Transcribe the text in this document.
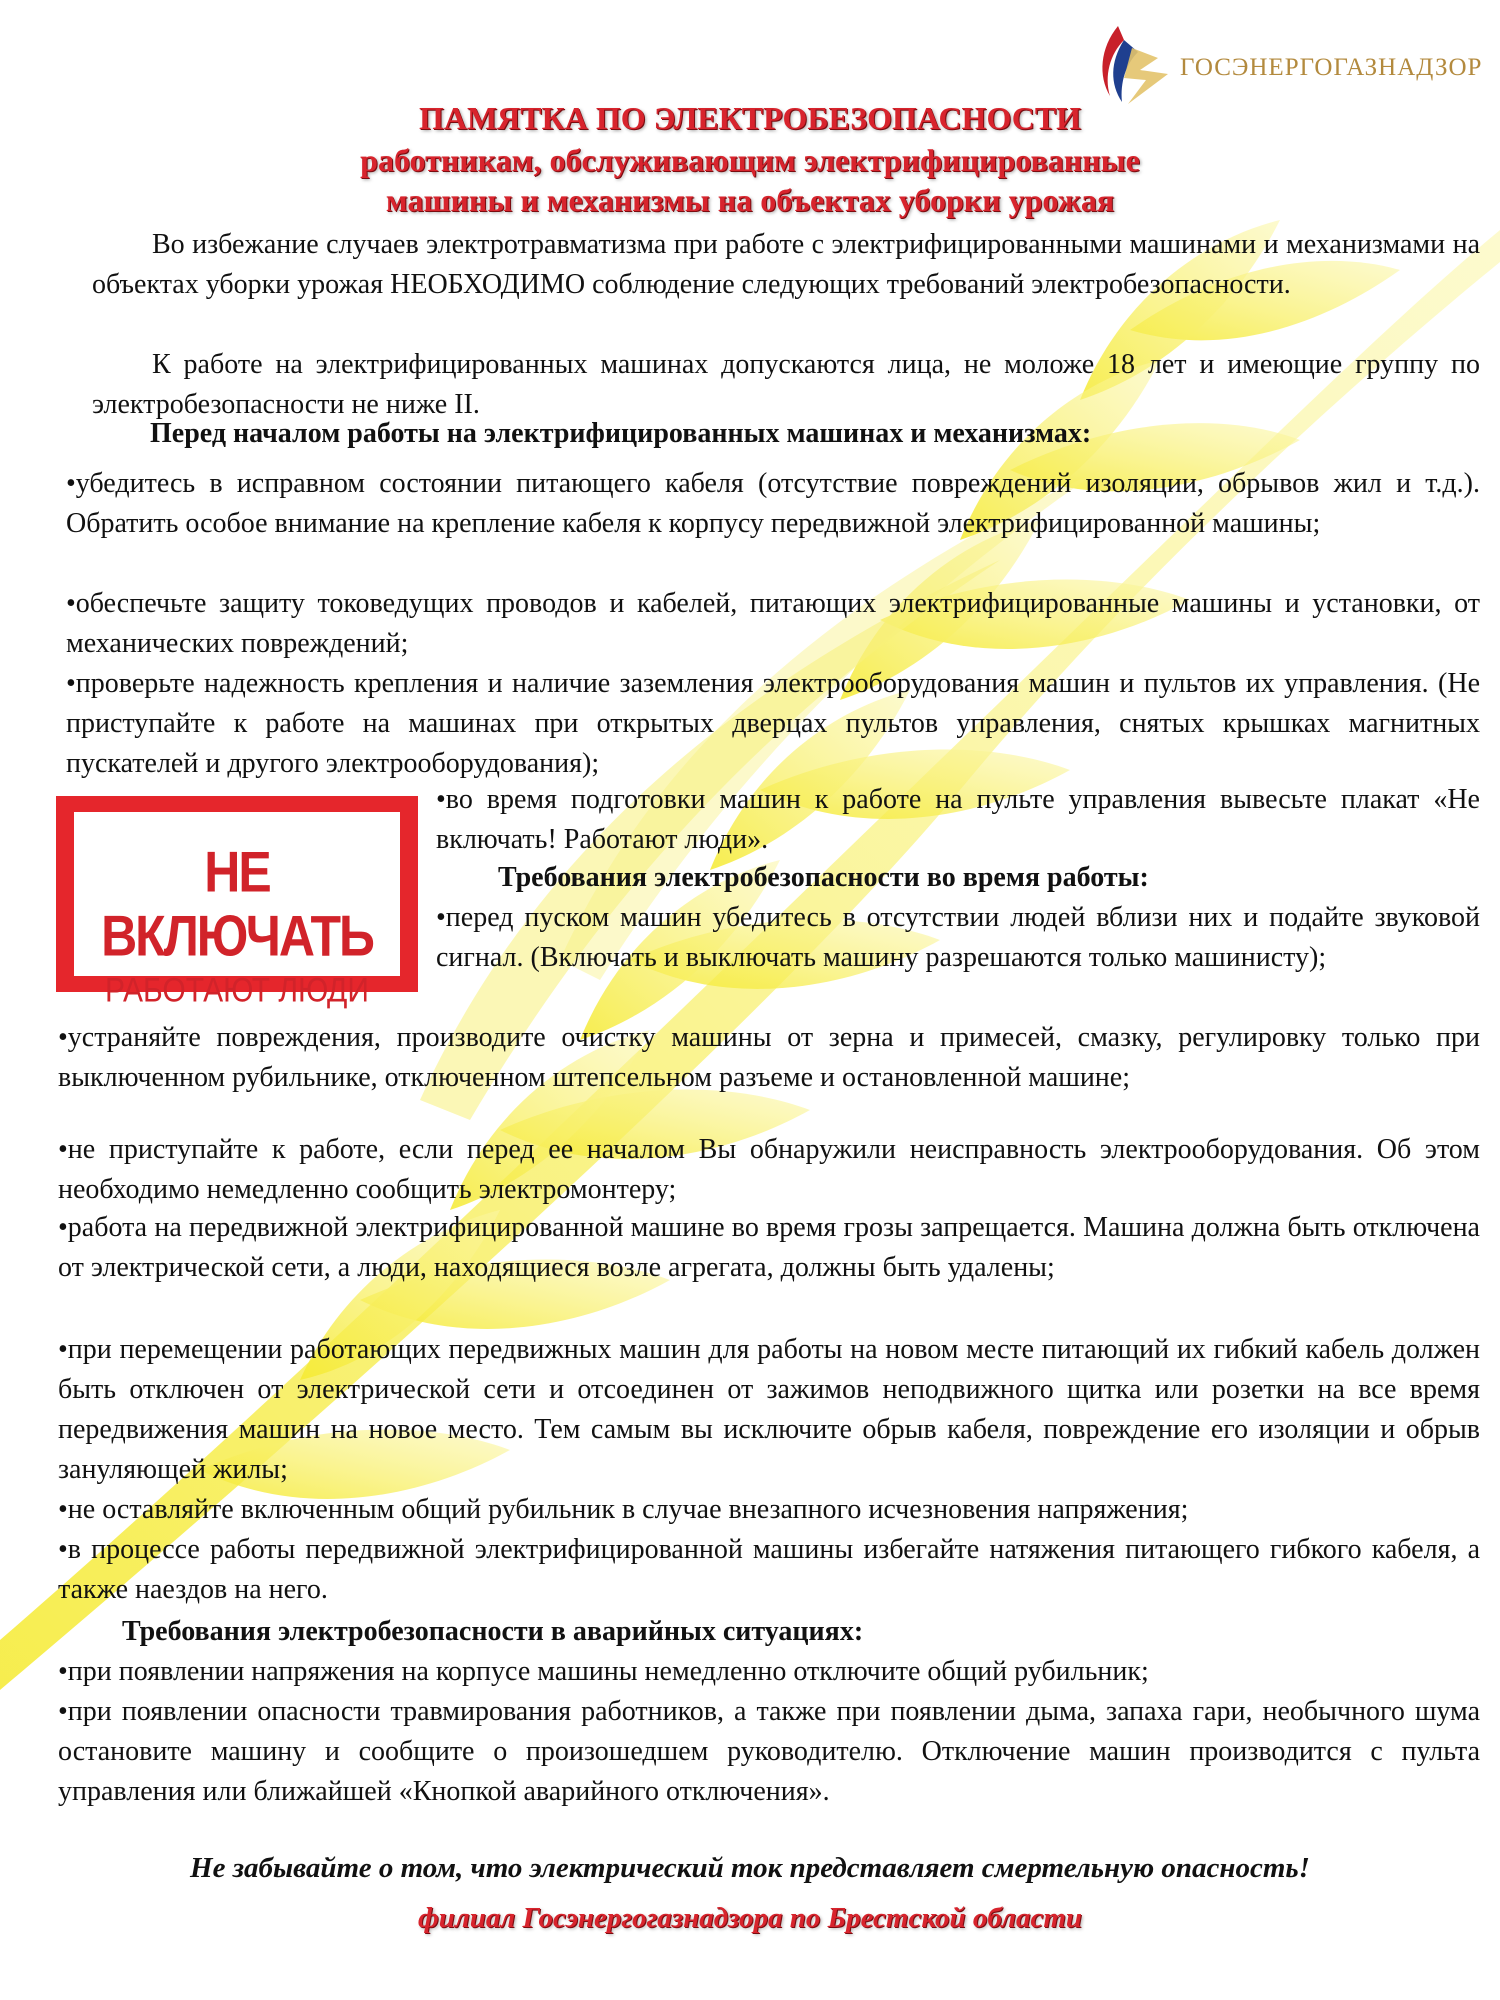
ГОСЭНЕРГОГАЗНАДЗОР
ПАМЯТКА ПО ЭЛЕКТРОБЕЗОПАСНОСТИ
работникам, обслуживающим электрифицированные
машины и механизмы на объектах уборки урожая
Во избежание случаев электротравматизма при работе с электрифицированными машинами и механизмами на объектах уборки урожая НЕОБХОДИМО соблюдение следующих требований электробезопасности.
К работе на электрифицированных машинах допускаются лица, не моложе 18 лет и имеющие группу по электробезопасности не ниже II.
Перед началом работы на электрифицированных машинах и механизмах:
•убедитесь в исправном состоянии питающего кабеля (отсутствие повреждений изоляции, обрывов жил и т.д.). Обратить особое внимание на крепление кабеля к корпусу передвижной электрифицированной машины;
•обеспечьте защиту токоведущих проводов и кабелей, питающих электрифицированные машины и установки, от механических повреждений;
•проверьте надежность крепления и наличие заземления электрооборудования машин и пультов их управления. (Не приступайте к работе на машинах при открытых дверцах пультов управления, снятых крышках магнитных пускателей и другого электрооборудования);
НЕ ВКЛЮЧАТЬ
РАБОТАЮТ ЛЮДИ
•во время подготовки машин к работе на пульте управления вывесьте плакат «Не включать! Работают люди».
Требования электробезопасности во время работы:
•перед пуском машин убедитесь в отсутствии людей вблизи них и подайте звуковой сигнал. (Включать и выключать машину разрешаются только машинисту);
•устраняйте повреждения, производите очистку машины от зерна и примесей, смазку, регулировку только при выключенном рубильнике, отключенном штепсельном разъеме и остановленной машине;
•не приступайте к работе, если перед ее началом Вы обнаружили неисправность электрооборудования. Об этом необходимо немедленно сообщить электромонтеру;
•работа на передвижной электрифицированной машине во время грозы запрещается. Машина должна быть отключена от электрической сети, а люди, находящиеся возле агрегата, должны быть удалены;
•при перемещении работающих передвижных машин для работы на новом месте питающий их гибкий кабель должен быть отключен от электрической сети и отсоединен от зажимов неподвижного щитка или розетки на все время передвижения машин на новое место. Тем самым вы исключите обрыв кабеля, повреждение его изоляции и обрыв зануляющей жилы;
•не оставляйте включенным общий рубильник в случае внезапного исчезновения напряжения;
•в процессе работы передвижной электрифицированной машины избегайте натяжения питающего гибкого кабеля, а также наездов на него.
Требования электробезопасности в аварийных ситуациях:
•при появлении напряжения на корпусе машины немедленно отключите общий рубильник;
•при появлении опасности травмирования работников, а также при появлении дыма, запаха гари, необычного шума остановите машину и сообщите о произошедшем руководителю. Отключение машин производится с пульта управления или ближайшей «Кнопкой аварийного отключения».
Не забывайте о том, что электрический ток представляет смертельную опасность!
филиал Госэнергогазнадзора по Брестской области
